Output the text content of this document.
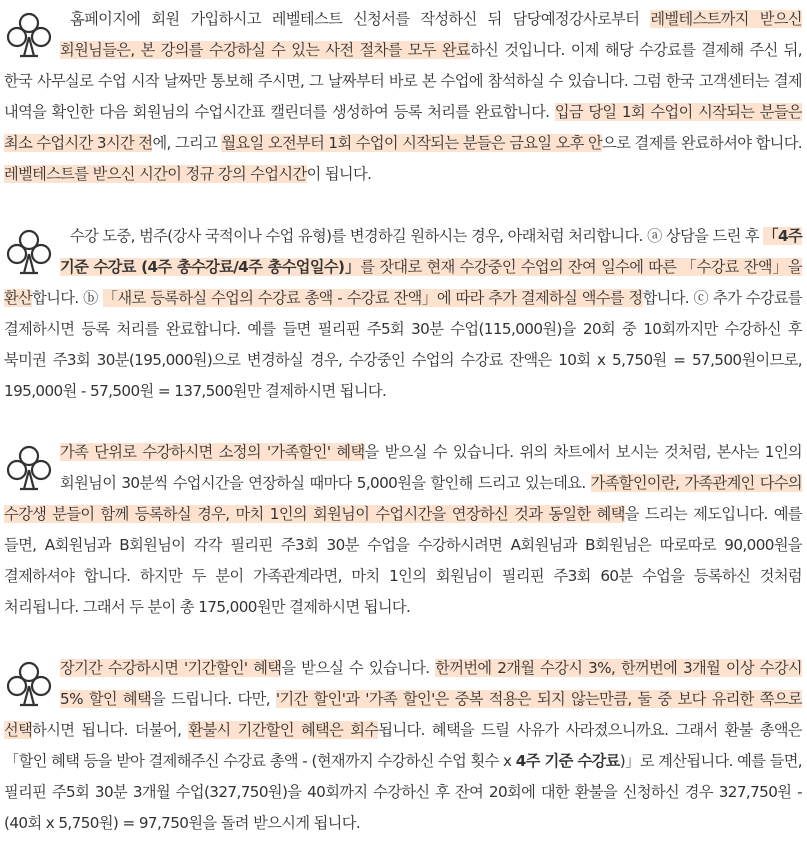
홈페이지에 회원 가입하시고 레벨테스트 신청서를 작성하신 뒤 담당예정강사로부터 레벨테스트까지 받으신 회원님들은, 본 강의를 수강하실 수 있는 사전 절차를 모두 완료하신 것입니다. 이제 해당 수강료를 결제해 주신 뒤, 한국 사무실로 수업 시작 날짜만 통보해 주시면, 그 날짜부터 바로 본 수업에 참석하실 수 있습니다. 그럼 한국 고객센터는 결제 내역을 확인한 다음 회원님의 수업시간표 캘린더를 생성하여 등록 처리를 완료합니다. 입금 당일 1회 수업이 시작되는 분들은 최소 수업시간 3시간 전에, 그리고 월요일 오전부터 1회 수업이 시작되는 분들은 금요일 오후 안으로 결제를 완료하셔야 합니다. 레벨테스트를 받으신 시간이 정규 강의 수업시간이 됩니다.
수강 도중, 범주(강사 국적이나 수업 유형)를 변경하길 원하시는 경우, 아래처럼 처리합니다. ⓐ 상담을 드린 후 「4주 기준 수강료 (4주 총수강료/4주 총수업일수)」를 잣대로 현재 수강중인 수업의 잔여 일수에 따른 「수강료 잔액」을 환산합니다. ⓑ 「새로 등록하실 수업의 수강료 총액 - 수강료 잔액」에 따라 추가 결제하실 액수를 정합니다. ⓒ 추가 수강료를 결제하시면 등록 처리를 완료합니다. 예를 들면 필리핀 주5회 30분 수업(115,000원)을 20회 중 10회까지만 수강하신 후 북미권 주3회 30분(195,000원)으로 변경하실 경우, 수강중인 수업의 수강료 잔액은 10회 x 5,750원 = 57,500원이므로, 195,000원 - 57,500원 = 137,500원만 결제하시면 됩니다.
가족 단위로 수강하시면 소정의 '가족할인' 혜택을 받으실 수 있습니다. 위의 차트에서 보시는 것처럼, 본사는 1인의 회원님이 30분씩 수업시간을 연장하실 때마다 5,000원을 할인해 드리고 있는데요. 가족할인이란, 가족관계인 다수의 수강생 분들이 함께 등록하실 경우, 마치 1인의 회원님이 수업시간을 연장하신 것과 동일한 혜택을 드리는 제도입니다. 예를 들면, A회원님과 B회원님이 각각 필리핀 주3회 30분 수업을 수강하시려면 A회원님과 B회원님은 따로따로 90,000원을 결제하셔야 합니다. 하지만 두 분이 가족관계라면, 마치 1인의 회원님이 필리핀 주3회 60분 수업을 등록하신 것처럼 처리됩니다. 그래서 두 분이 총 175,000원만 결제하시면 됩니다.
장기간 수강하시면 '기간할인' 혜택을 받으실 수 있습니다. 한꺼번에 2개월 수강시 3%, 한꺼번에 3개월 이상 수강시 5% 할인 혜택을 드립니다. 다만, '기간 할인'과 '가족 할인'은 중복 적용은 되지 않는만큼, 둘 중 보다 유리한 쪽으로 선택하시면 됩니다. 더불어, 환불시 기간할인 혜택은 회수됩니다. 혜택을 드릴 사유가 사라졌으니까요. 그래서 환불 총액은「할인 혜택 등을 받아 결제해주신 수강료 총액 - (현재까지 수강하신 수업 횟수 x 4주 기준 수강료)」로 계산됩니다. 예를 들면, 필리핀 주5회 30분 3개월 수업(327,750원)을 40회까지 수강하신 후 잔여 20회에 대한 환불을 신청하신 경우 327,750원 - (40회 x 5,750원) = 97,750원을 돌려 받으시게 됩니다.
